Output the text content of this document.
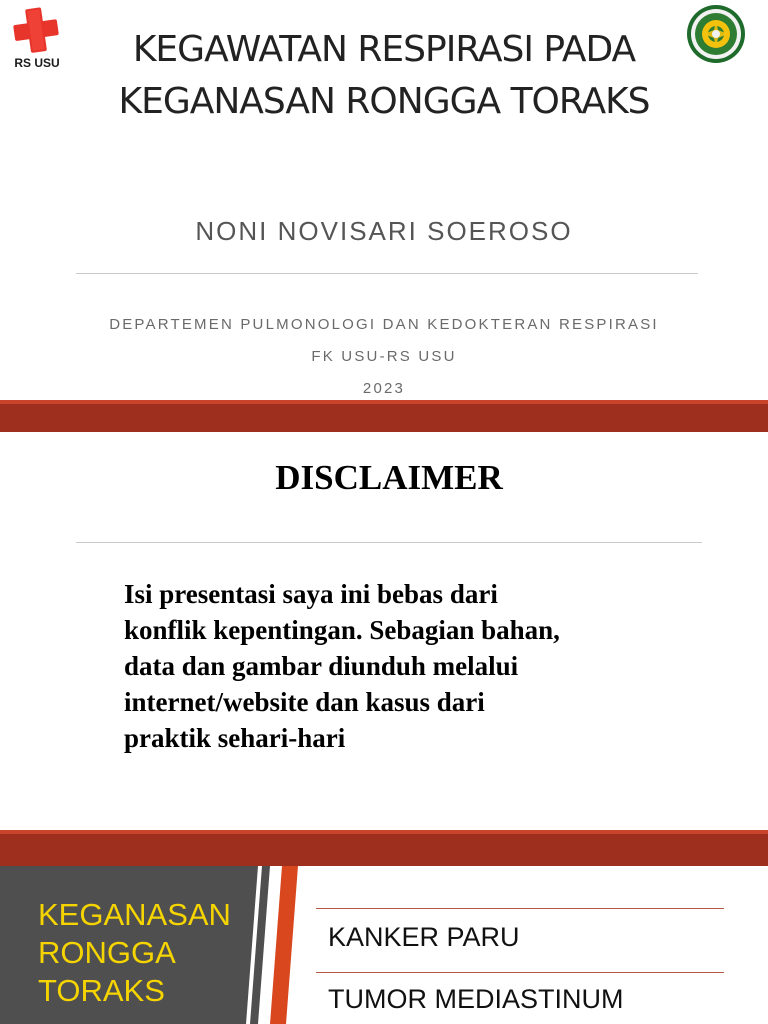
RS USU	KEGAWATAN RESPIRASI PADA
KEGANASAN RONGGA TORAKS
NONI NOVISARI SOEROSO
DEPARTEMEN PULMONOLOGI DAN KEDOKTERAN RESPIRASI
FK USU-RS USU
2023
DISCLAIMER

Isi presentasi saya ini bebas dari
konflik kepentingan. Sebagian bahan,
data dan gambar diunduh melalui
internet/website dan kasus dari
praktik sehari-hari

KEGANASAN
RONGGA
TORAKS
KANKER PARU
TUMOR MEDIASTINUM
